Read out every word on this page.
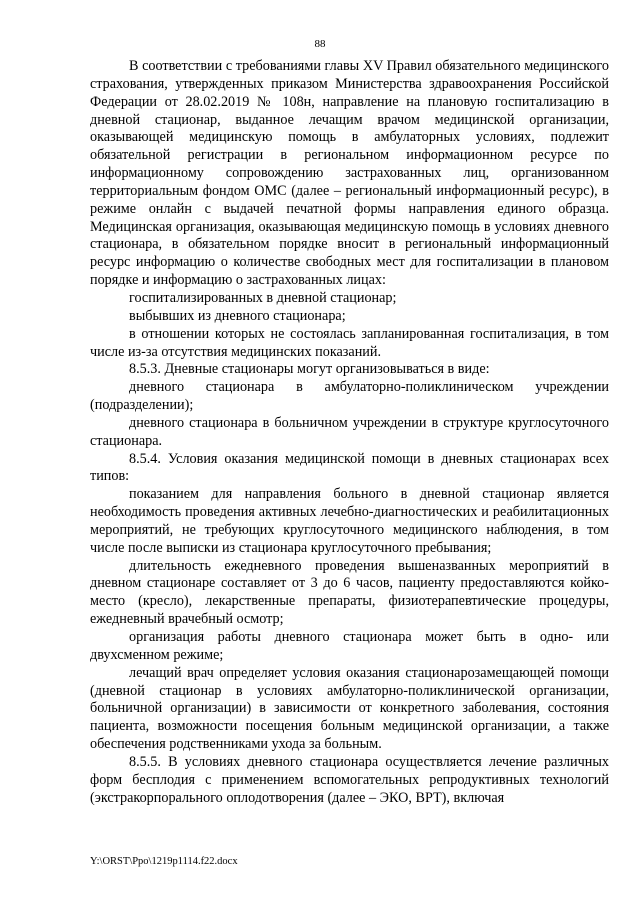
88

В соответствии с требованиями главы XV Правил обязательного медицинского страхования, утвержденных приказом Министерства здравоохранения Российской Федерации от 28.02.2019 № 108н, направление на плановую госпитализацию в дневной стационар, выданное лечащим врачом медицинской организации, оказывающей медицинскую помощь в амбулаторных условиях, подлежит обязательной регистрации в региональном информационном ресурсе по информационному сопровождению застрахованных лиц, организованном территориальным фондом ОМС (далее – региональный информационный ресурс), в режиме онлайн с выдачей печатной формы направления единого образца. Медицинская организация, оказывающая медицинскую помощь в условиях дневного стационара, в обязательном порядке вносит в региональный информационный ресурс информацию о количестве свободных мест для госпитализации в плановом порядке и информацию о застрахованных лицах:

госпитализированных в дневной стационар;

выбывших из дневного стационара;

в отношении которых не состоялась запланированная госпитализация, в том числе из-за отсутствия медицинских показаний.

8.5.3. Дневные стационары могут организовываться в виде:

дневного стационара в амбулаторно-поликлиническом учреждении (подразделении);

дневного стационара в больничном учреждении в структуре круглосуточного стационара.

8.5.4. Условия оказания медицинской помощи в дневных стационарах всех типов:

показанием для направления больного в дневной стационар является необходимость проведения активных лечебно-диагностических и реабилитационных мероприятий, не требующих круглосуточного медицинского наблюдения, в том числе после выписки из стационара круглосуточного пребывания;

длительность ежедневного проведения вышеназванных мероприятий в дневном стационаре составляет от 3 до 6 часов, пациенту предоставляются койко-место (кресло), лекарственные препараты, физиотерапевтические процедуры, ежедневный врачебный осмотр;

организация работы дневного стационара может быть в одно- или двухсменном режиме;

лечащий врач определяет условия оказания стационарозамещающей помощи (дневной стационар в условиях амбулаторно-поликлинической организации, больничной организации) в зависимости от конкретного заболевания, состояния пациента, возможности посещения больным медицинской организации, а также обеспечения родственниками ухода за больным.

8.5.5. В условиях дневного стационара осуществляется лечение различных форм бесплодия с применением вспомогательных репродуктивных технологий (экстракорпорального оплодотворения (далее – ЭКО, ВРТ), включая

Y:\ORST\Ppo\1219p1114.f22.docx
